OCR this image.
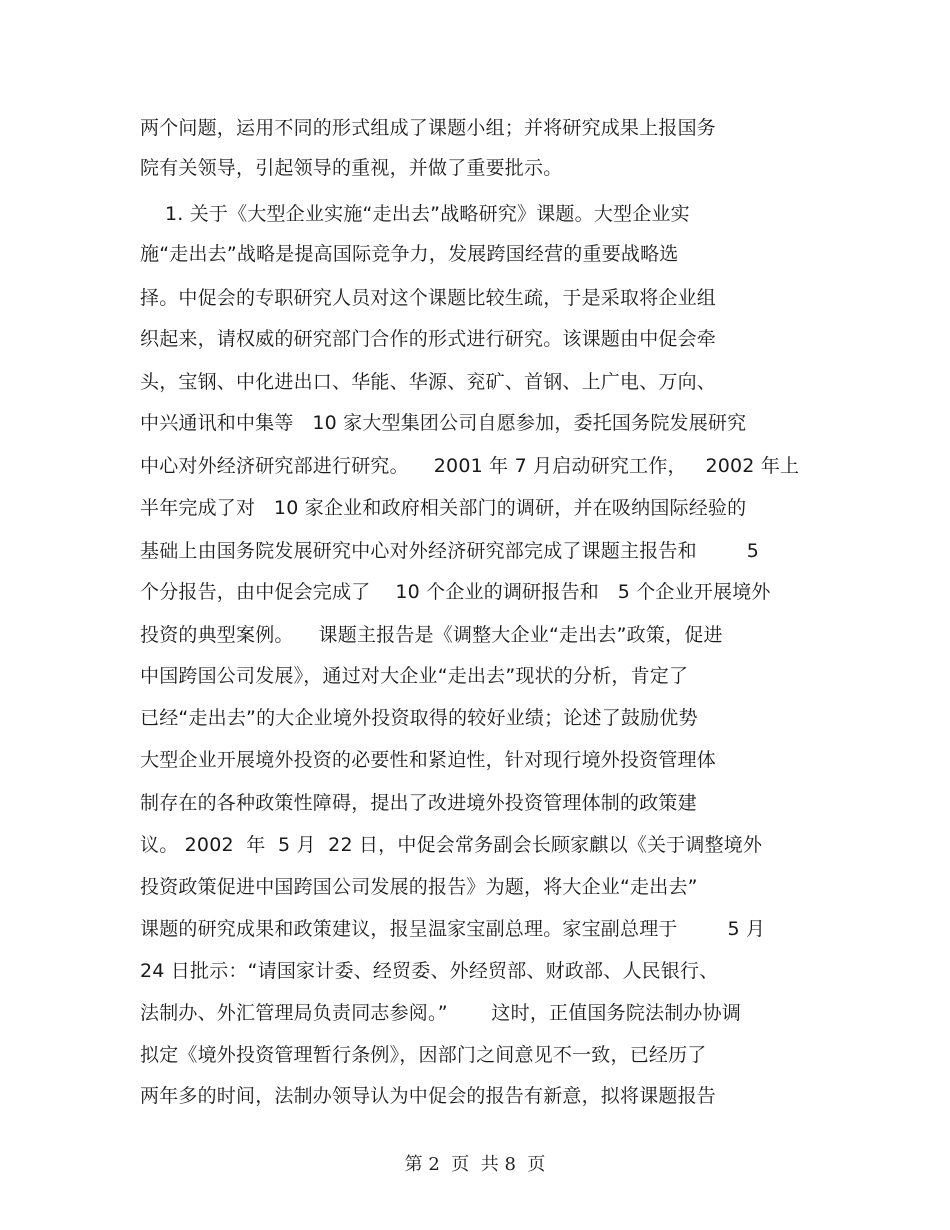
两个问题，运用不同的形式组成了课题小组；并将研究成果上报国务
院有关领导，引起领导的重视，并做了重要批示。
1. 关于《大型企业实施“走出去”战略研究》课题。大型企业实
施“走出去”战略是提高国际竞争力，发展跨国经营的重要战略选
择。中促会的专职研究人员对这个课题比较生疏，于是采取将企业组
织起来，请权威的研究部门合作的形式进行研究。该课题由中促会牵
头，宝钢、中化进出口、华能、华源、兖矿、首钢、上广电、万向、
中兴通讯和中集等   10 家大型集团公司自愿参加，委托国务院发展研究
中心对外经济研究部进行研究。    2001 年 7 月启动研究工作，   2002 年上
半年完成了对   10 家企业和政府相关部门的调研，并在吸纳国际经验的
基础上由国务院发展研究中心对外经济研究部完成了课题主报告和        5
个分报告，由中促会完成了    10 个企业的调研报告和   5 个企业开展境外
投资的典型案例。    课题主报告是《调整大企业“走出去”政策，促进
中国跨国公司发展》，通过对大企业“走出去”现状的分析，肯定了
已经“走出去”的大企业境外投资取得的较好业绩；论述了鼓励优势
大型企业开展境外投资的必要性和紧迫性，针对现行境外投资管理体
制存在的各种政策性障碍，提出了改进境外投资管理体制的政策建
议。 2002  年  5 月  22 日，中促会常务副会长顾家麒以《关于调整境外
投资政策促进中国跨国公司发展的报告》为题，将大企业“走出去”
课题的研究成果和政策建议，报呈温家宝副总理。家宝副总理于        5 月
24 日批示：“请国家计委、经贸委、外经贸部、财政部、人民银行、
法制办、外汇管理局负责同志参阅。”       这时，正值国务院法制办协调
拟定《境外投资管理暂行条例》，因部门之间意见不一致，已经历了
两年多的时间，法制办领导认为中促会的报告有新意，拟将课题报告
第 2  页  共 8  页
